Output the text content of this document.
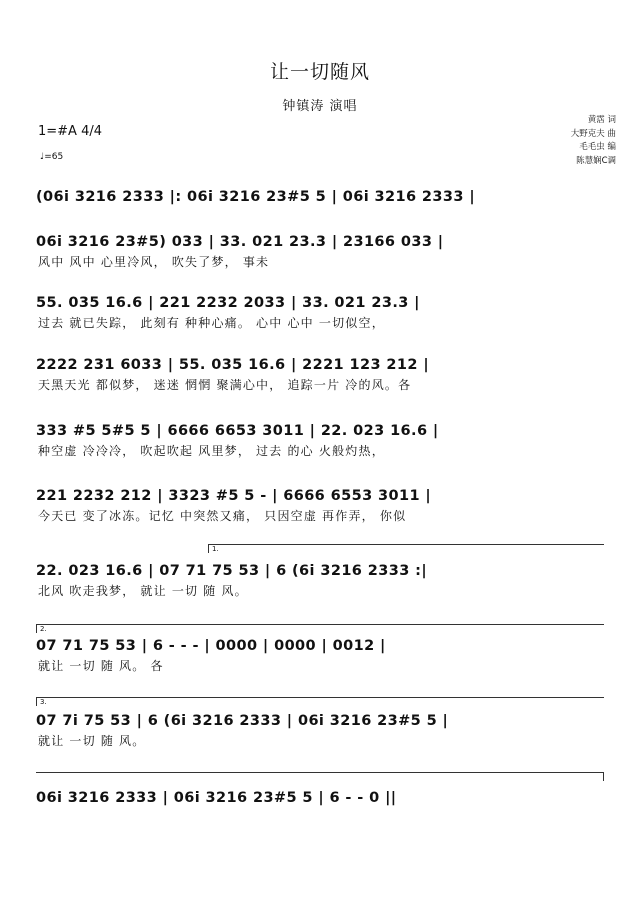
让一切随风
钟镇涛 演唱
黄霑 词
大野克夫 曲
毛毛虫 编
陈慧娴C调
1=#A 4/4
♩=65
(06i 3216 2333 |: 06i 3216 23#5 5 | 06i 3216 2333 |
06i 3216 23#5) 033 | 33. 021 23.3 | 23166 033 |
风中 风中 心里冷风， 吹失了梦， 事未
55. 035 16.6 | 221 2232 2033 | 33. 021 23.3 |
过去 就已失踪， 此刻有 种种心痛。 心中 心中 一切似空，
2222 231 6033 | 55. 035 16.6 | 2221 123 212 |
天黑天光 都似梦， 迷迷 惘惘 聚满心中， 追踪一片 冷的风。各
333 #5 5#5 5 | 6666 6653 3011 | 22. 023 16.6 |
种空虚 冷冷冷， 吹起吹起 风里梦， 过去 的心 火般灼热，
221 2232 212 | 3323 #5 5 - | 6666 6553 3011 |
今天已 变了冰冻。记忆 中突然又痛， 只因空虚 再作弄， 你似
1.
22. 023 16.6 | 07 71 75 53 | 6 (6i 3216 2333 :|
北风 吹走我梦， 就让 一切 随 风。
2.
07 71 75 53 | 6 - - - | 0000 | 0000 | 0012 |
就让 一切 随 风。 各
3.
07 7i 75 53 | 6 (6i 3216 2333 | 06i 3216 23#5 5 |
就让 一切 随 风。
06i 3216 2333 | 06i 3216 23#5 5 | 6 - - 0 ||
